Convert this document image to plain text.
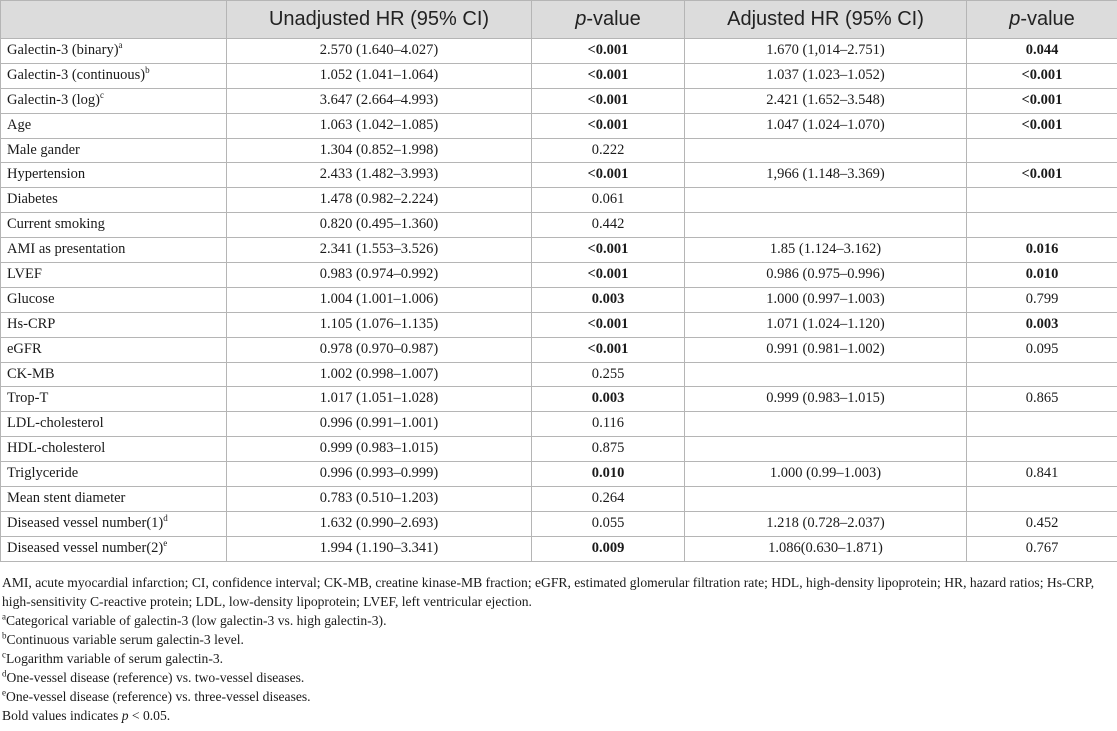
	Unadjusted HR (95% CI)	p-value	Adjusted HR (95% CI)	p-value
Galectin-3 (binary)$^a$	2.570 (1.640–4.027)	<0.001	1.670 (1,014–2.751)	0.044
Galectin-3 (continuous)$^b$	1.052 (1.041–1.064)	<0.001	1.037 (1.023–1.052)	<0.001
Galectin-3 $(\log)^c$	3.647 (2.664–4.993)	<0.001	2.421 (1.652–3.548)	<0.001
Age	1.063 (1.042–1.085)	<0.001	1.047 (1.024–1.070)	<0.001
Male gander	1.304 (0.852–1.998)	0.222		
Hypertension	2.433 (1.482–3.993)	<0.001	1,966 (1.148–3.369)	<0.001
Diabetes	1.478 (0.982–2.224)	0.061		
Current smoking	0.820 (0.495–1.360)	0.442		
AMI as presentation	2.341 (1.553–3.526)	<0.001	1.85 (1.124–3.162)	0.016
LVEF	0.983 (0.974–0.992)	<0.001	0.986 (0.975–0.996)	0.010
Glucose	1.004 (1.001–1.006)	0.003	1.000 (0.997–1.003)	0.799
Hs-CRP	1.105 (1.076–1.135)	<0.001	1.071 (1.024–1.120)	0.003
eGFR	0.978 (0.970–0.987)	<0.001	0.991 (0.981–1.002)	0.095
CK-MB	1.002 (0.998–1.007)	0.255		
Trop-T	1.017 (1.051–1.028)	0.003	0.999 (0.983–1.015)	0.865
LDL-cholesterol	0.996 (0.991–1.001)	0.116		
HDL-cholesterol	0.999 (0.983–1.015)	0.875		
Triglyceride	0.996 (0.993–0.999)	0.010	1.000 (0.99–1.003)	0.841
Mean stent diameter	0.783 (0.510–1.203)	0.264		
Diseased vessel $number(1)^d$	1.632 (0.990–2.693)	0.055	1.218 (0.728–2.037)	0.452
Diseased vessel $number(2)^e$	1.994 (1.190–3.341)	0.009	1.086(0.630–1.871)	0.767

AMI, acute myocardial infarction; CI, confidence interval; CK-MB, creatine kinase-MB fraction; eGFR, estimated glomerular filtration rate; HDL, high-density lipoprotein; HR, hazard ratios; Hs-CRP, high-sensitivity C-reactive protein; LDL, low-density lipoprotein; LVEF, left ventricular ejection.

$^a$Categorical variable of galectin-3 (low galectin-3 vs. high galectin-3).

$^b$Continuous variable serum galectin-3 level.

$^c$Logarithm variable of serum galectin-3.

$^d$One-vessel disease (reference) vs. two-vessel diseases.

$^e$One-vessel disease (reference) vs. three-vessel diseases.

Bold values indicates p < 0.05.
